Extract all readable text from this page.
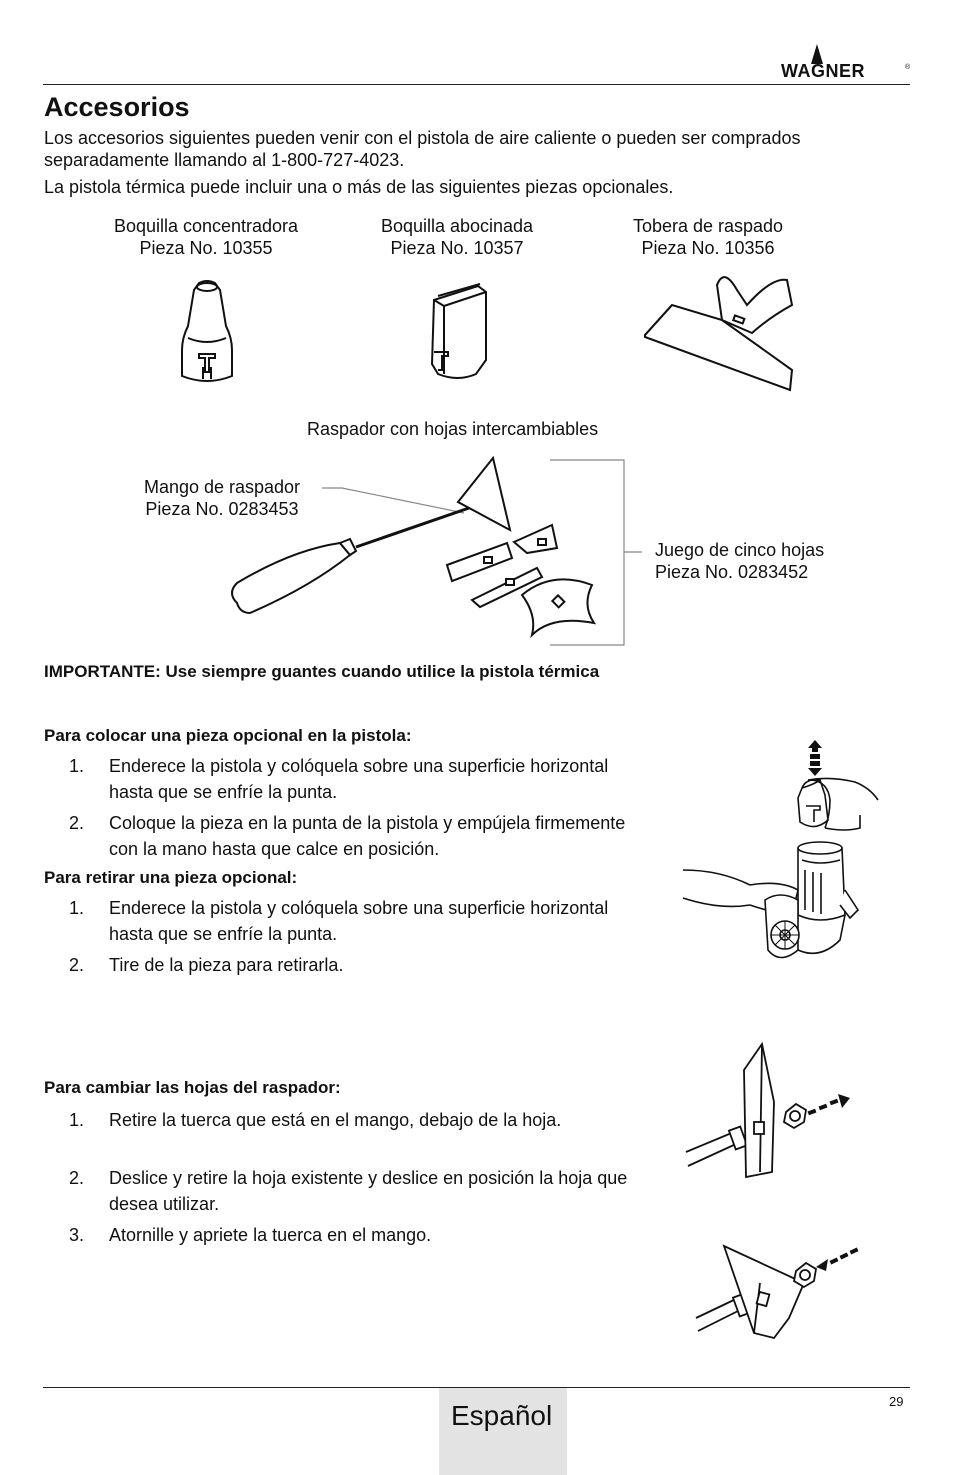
WAGNER	®
Accesorios
Los accesorios siguientes pueden venir con el pistola de aire caliente o pueden ser comprados separadamente llamando al 1-800-727-4023.
La pistola térmica puede incluir una o más de las siguientes piezas opcionales.
Boquilla concentradora
Pieza No. 10355
Boquilla abocinada
Pieza No. 10357
Tobera de raspado
Pieza No. 10356
Raspador con hojas intercambiables
Mango de raspador
Pieza No. 0283453
Juego de cinco hojas
Pieza No. 0283452
IMPORTANTE: Use siempre guantes cuando utilice la pistola térmica
Para colocar una pieza opcional en la pistola:
1. Enderece la pistola y colóquela sobre una superficie horizontal hasta que se enfríe la punta.
2. Coloque la pieza en la punta de la pistola y empújela firmemente con la mano hasta que calce en posición.
Para retirar una pieza opcional:
1. Enderece la pistola y colóquela sobre una superficie horizontal hasta que se enfríe la punta.
2. Tire de la pieza para retirarla.
Para cambiar las hojas del raspador:
1. Retire la tuerca que está en el mango, debajo de la hoja.
2. Deslice y retire la hoja existente y deslice en posición la hoja que desea utilizar.
3. Atornille y apriete la tuerca en el mango.
Español	29
